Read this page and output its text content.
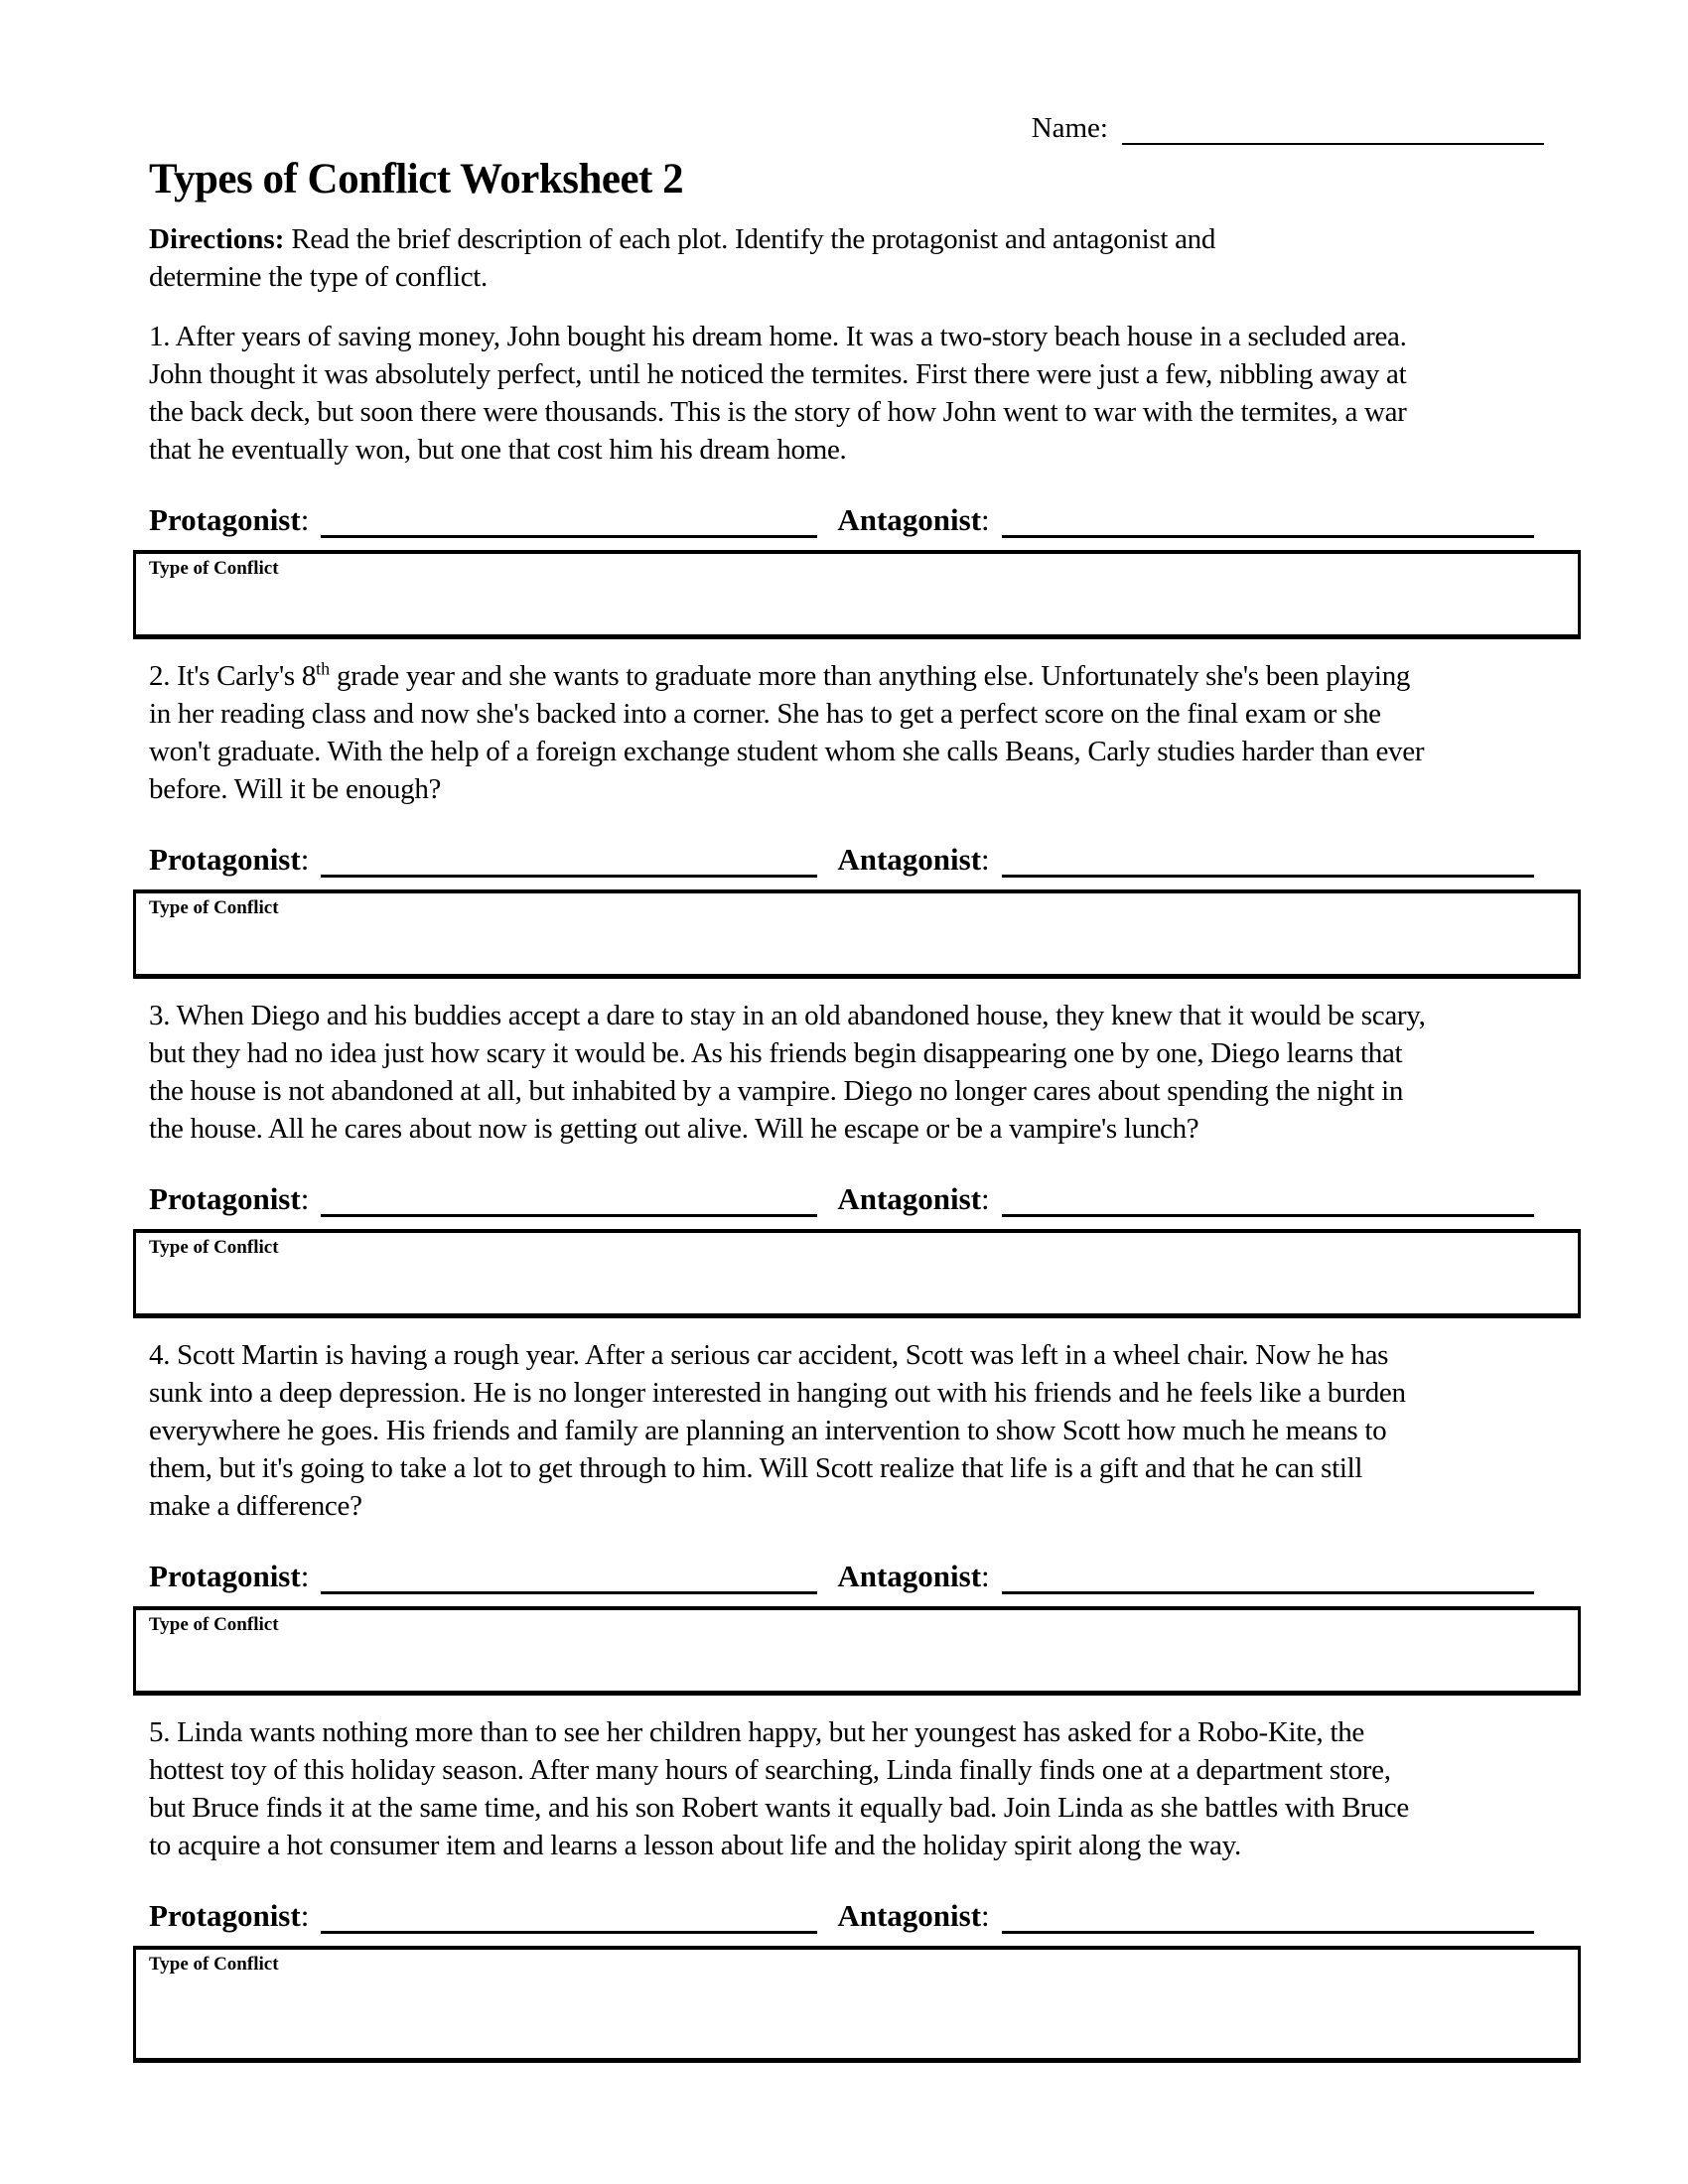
Name:
Types of Conflict Worksheet 2

Directions: Read the brief description of each plot. Identify the protagonist and antagonist and
determine the type of conflict.

1. After years of saving money, John bought his dream home. It was a two-story beach house in a secluded area.
John thought it was absolutely perfect, until he noticed the termites. First there were just a few, nibbling away at
the back deck, but soon there were thousands. This is the story of how John went to war with the termites, a war
that he eventually won, but one that cost him his dream home.

Protagonist:	Antagonist:
Type of Conflict

2. It's Carly's 8th grade year and she wants to graduate more than anything else. Unfortunately she's been playing
in her reading class and now she's backed into a corner. She has to get a perfect score on the final exam or she
won't graduate. With the help of a foreign exchange student whom she calls Beans, Carly studies harder than ever
before. Will it be enough?

Protagonist:	Antagonist:
Type of Conflict

3. When Diego and his buddies accept a dare to stay in an old abandoned house, they knew that it would be scary,
but they had no idea just how scary it would be. As his friends begin disappearing one by one, Diego learns that
the house is not abandoned at all, but inhabited by a vampire. Diego no longer cares about spending the night in
the house. All he cares about now is getting out alive. Will he escape or be a vampire's lunch?

Protagonist:	Antagonist:
Type of Conflict

4. Scott Martin is having a rough year. After a serious car accident, Scott was left in a wheel chair. Now he has
sunk into a deep depression. He is no longer interested in hanging out with his friends and he feels like a burden
everywhere he goes. His friends and family are planning an intervention to show Scott how much he means to
them, but it's going to take a lot to get through to him. Will Scott realize that life is a gift and that he can still
make a difference?

Protagonist:	Antagonist:
Type of Conflict

5. Linda wants nothing more than to see her children happy, but her youngest has asked for a Robo-Kite, the
hottest toy of this holiday season. After many hours of searching, Linda finally finds one at a department store,
but Bruce finds it at the same time, and his son Robert wants it equally bad. Join Linda as she battles with Bruce
to acquire a hot consumer item and learns a lesson about life and the holiday spirit along the way.

Protagonist:	Antagonist:
Type of Conflict
